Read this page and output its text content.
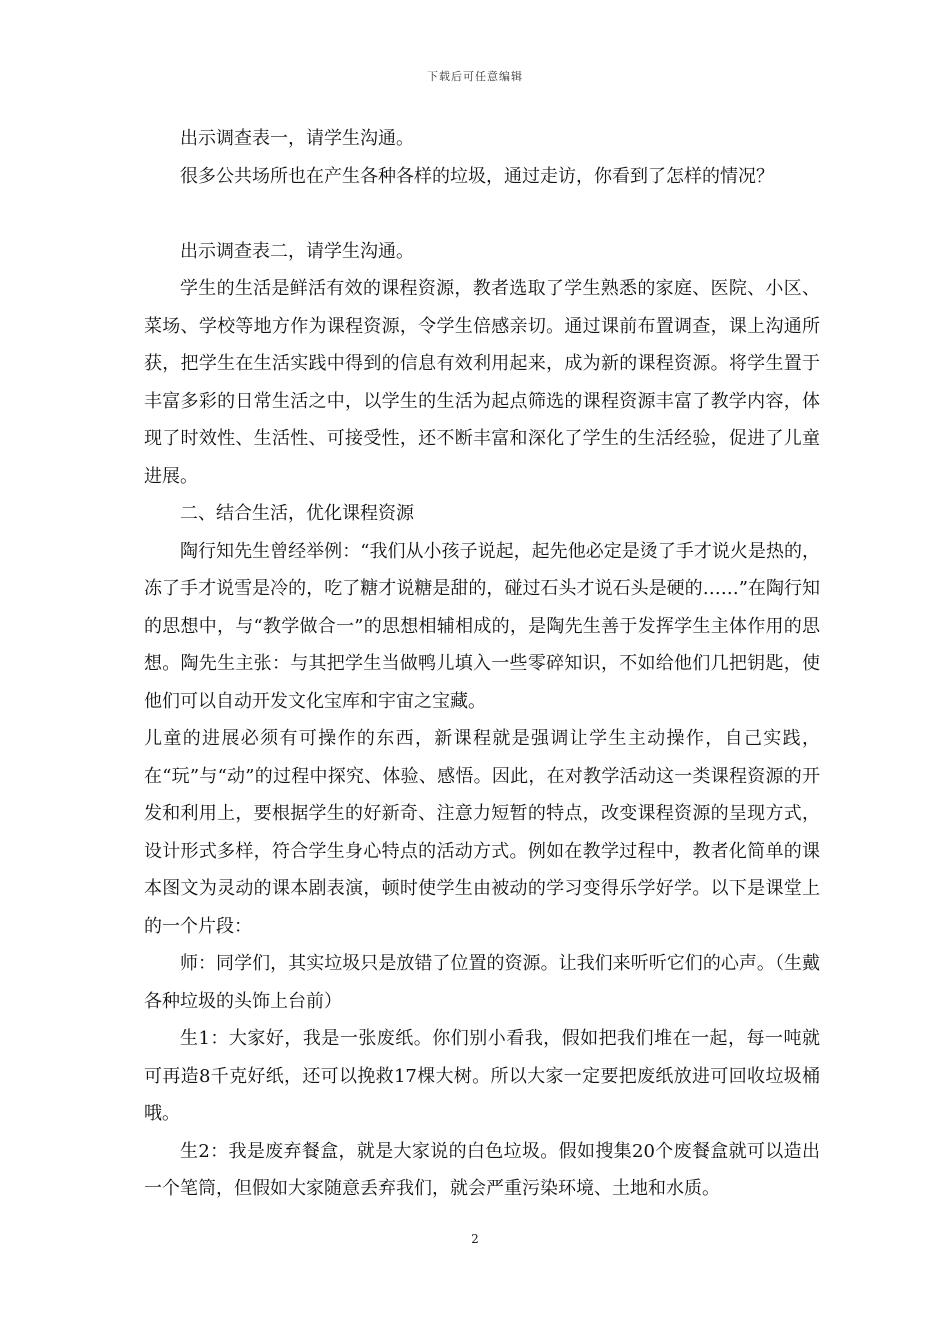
下载后可任意编辑

出示调查表一，请学生沟通。

很多公共场所也在产生各种各样的垃圾，通过走访，你看到了怎样的情况？

出示调查表二，请学生沟通。

学生的生活是鲜活有效的课程资源，教者选取了学生熟悉的家庭、医院、小区、菜场、学校等地方作为课程资源，令学生倍感亲切。通过课前布置调查，课上沟通所获，把学生在生活实践中得到的信息有效利用起来，成为新的课程资源。将学生置于丰富多彩的日常生活之中，以学生的生活为起点筛选的课程资源丰富了教学内容，体现了时效性、生活性、可接受性，还不断丰富和深化了学生的生活经验，促进了儿童进展。

二、结合生活，优化课程资源

陶行知先生曾经举例：“我们从小孩子说起，起先他必定是烫了手才说火是热的，冻了手才说雪是冷的，吃了糖才说糖是甜的，碰过石头才说石头是硬的……”在陶行知的思想中，与“教学做合一”的思想相辅相成的，是陶先生善于发挥学生主体作用的思想。陶先生主张：与其把学生当做鸭儿填入一些零碎知识，不如给他们几把钥匙，使他们可以自动开发文化宝库和宇宙之宝藏。

儿童的进展必须有可操作的东西，新课程就是强调让学生主动操作，自己实践，在“玩”与“动”的过程中探究、体验、感悟。因此，在对教学活动这一类课程资源的开发和利用上，要根据学生的好新奇、注意力短暂的特点，改变课程资源的呈现方式，设计形式多样，符合学生身心特点的活动方式。例如在教学过程中，教者化简单的课本图文为灵动的课本剧表演，顿时使学生由被动的学习变得乐学好学。以下是课堂上的一个片段：

师：同学们，其实垃圾只是放错了位置的资源。让我们来听听它们的心声。（生戴各种垃圾的头饰上台前）

生1：大家好，我是一张废纸。你们别小看我，假如把我们堆在一起，每一吨就可再造8千克好纸，还可以挽救17棵大树。所以大家一定要把废纸放进可回收垃圾桶哦。

生2：我是废弃餐盒，就是大家说的白色垃圾。假如搜集20个废餐盒就可以造出一个笔筒，但假如大家随意丢弃我们，就会严重污染环境、土地和水质。

2
